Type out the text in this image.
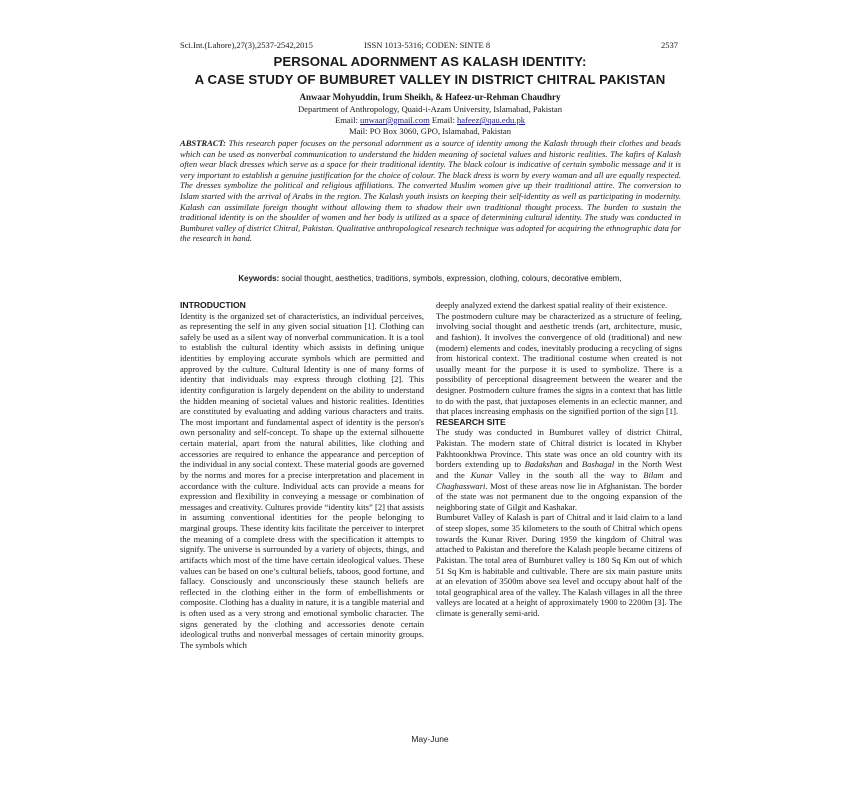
Sci.Int.(Lahore),27(3),2537-2542,2015	ISSN 1013-5316; CODEN: SINTE 8	2537
PERSONAL ADORNMENT AS KALASH IDENTITY:
A CASE STUDY OF BUMBURET VALLEY IN DISTRICT CHITRAL PAKISTAN
Anwaar Mohyuddin, Irum Sheikh, & Hafeez-ur-Rehman Chaudhry
Department of Anthropology, Quaid-i-Azam University, Islamabad, Pakistan
Email: unwaar@gmail.com Email: hafeez@qau.edu.pk
Mail: PO Box 3060, GPO, Islamabad, Pakistan
ABSTRACT: This research paper focuses on the personal adornment as a source of identity among the Kalash through their clothes and beads which can be used as nonverbal communication to understand the hidden meaning of societal values and historic realities. The kafirs of Kalash often wear black dresses which serve as a space for their traditional identity. The black colour is indicative of certain symbolic message and it is very important to establish a genuine justification for the choice of colour. The black dress is worn by every woman and all are equally respected. The dresses symbolize the political and religious affiliations. The converted Muslim women give up their traditional attire. The conversion to Islam started with the arrival of Arabs in the region. The Kalash youth insists on keeping their self-identity as well as participating in modernity. Kalash can assimilate foreign thought without allowing them to shadow their own traditional thought process. The burden to sustain the traditional identity is on the shoulder of women and her body is utilized as a space of determining cultural identity. The study was conducted in Bumburet valley of district Chitral, Pakistan. Qualitative anthropological research technique was adopted for acquiring the ethnographic data for the research in hand.
Keywords: social thought, aesthetics, traditions, symbols, expression, clothing, colours, decorative emblem,
INTRODUCTION

Identity is the organized set of characteristics, an individual perceives, as representing the self in any given social situation [1]. Clothing can safely be used as a silent way of nonverbal communication. It is a tool to establish the cultural identity which assists in defining unique identities by employing accurate symbols which are permitted and approved by the culture. Cultural Identity is one of many forms of identity that individuals may express through clothing [2]. This identity configuration is largely dependent on the ability to understand the hidden meaning of societal values and historic realities. Identities are constituted by evaluating and adding various characters and traits. The most important and fundamental aspect of identity is the person's own personality and self-concept. To shape up the external silhouette certain material, apart from the natural abilities, like clothing and accessories are required to enhance the appearance and perception of the individual in any social context. These material goods are governed by the norms and mores for a precise interpretation and placement in accordance with the culture. Individual acts can provide a means for expression and flexibility in conveying a message or combination of messages and creativity. Cultures provide “identity kits” [2] that assists in assuming conventional identities for the people belonging to marginal groups. These identity kits facilitate the perceiver to interpret the meaning of a complete dress with the specification it attempts to signify. The universe is surrounded by a variety of objects, things, and artifacts which most of the time have certain ideological values. These values can be based on one’s cultural beliefs, taboos, good fortune, and fallacy. Consciously and unconsciously these staunch beliefs are reflected in the clothing either in the form of embellishments or composite. Clothing has a duality in nature, it is a tangible material and is often used as a very strong and emotional symbolic character. The signs generated by the clothing and accessories denote certain ideological truths and nonverbal messages of certain minority groups. The symbols which

deeply analyzed extend the darkest spatial reality of their existence.

The postmodern culture may be characterized as a structure of feeling, involving social thought and aesthetic trends (art, architecture, music, and fashion). It involves the convergence of old (traditional) and new (modern) elements and codes, inevitably producing a recycling of signs from historical context. The traditional costume when created is not usually meant for the purpose it is used to symbolize. There is a possibility of perceptional disagreement between the wearer and the designer. Postmodern culture frames the signs in a context that has little to do with the past, that juxtaposes elements in an eclectic manner, and that places increasing emphasis on the signified portion of the sign [1].

RESEARCH SITE

The study was conducted in Bumburet valley of district Chitral, Pakistan. The modern state of Chitral district is located in Khyber Pakhtoonkhwa Province. This state was once an old country with its borders extending up to Badakshan and Bashagal in the North West and the Kunar Valley in the south all the way to Bilam and Chaghasswari. Most of these areas now lie in Afghanistan. The border of the state was not permanent due to the ongoing expansion of the neighboring state of Gilgit and Kashakar.

Bumburet Valley of Kalash is part of Chitral and it laid claim to a land of steep slopes, some 35 kilometers to the south of Chitral which opens towards the Kunar River. During 1959 the kingdom of Chitral was attached to Pakistan and therefore the Kalash people became citizens of Pakistan. The total area of Bumburet valley is 180 Sq Km out of which 51 Sq Km is habitable and cultivable. There are six main pasture units at an elevation of 3500m above sea level and occupy about half of the total geographical area of the valley. The Kalash villages in all the three valleys are located at a height of approximately 1900 to 2200m [3]. The climate is generally semi-arid.

May-June
